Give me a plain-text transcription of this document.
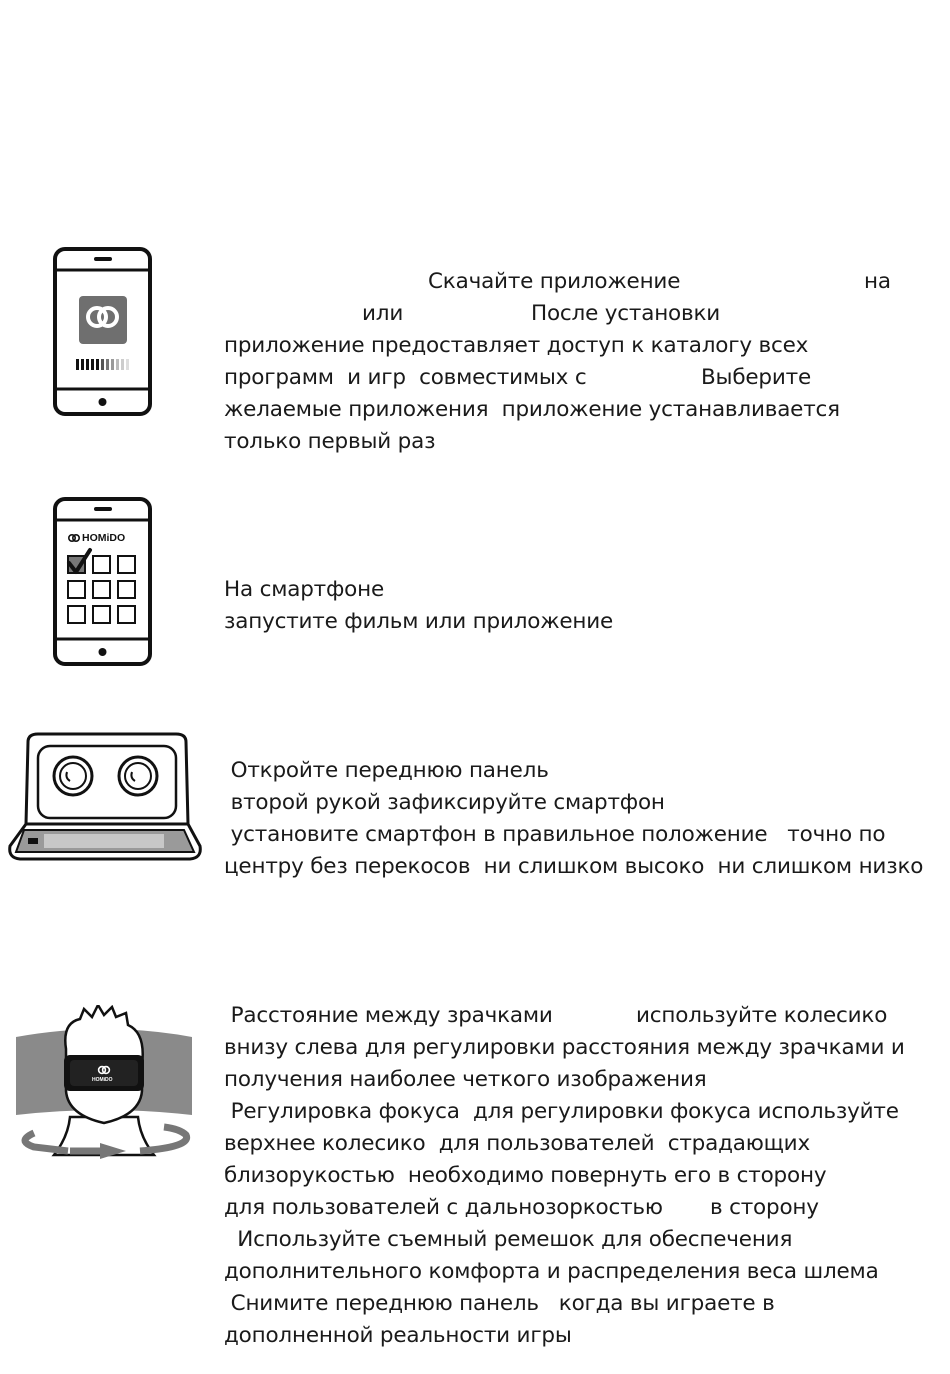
Скачайте приложение	на
или	После установки
приложение предоставляет доступ к каталогу всех
программ  и игр  совместимых с	Выберите
желаемые приложения  приложение устанавливается
только первый раз
HOMiDO
На смартфоне
запустите фильм или приложение
Откройте переднюю панель
второй рукой зафиксируйте смартфон
установите смартфон в правильное положение   точно по
центру без перекосов  ни слишком высоко  ни слишком низко
HOMiDO
Расстояние между зрачками	используйте колесико
внизу слева для регулировки расстояния между зрачками и
получения наиболее четкого изображения
Регулировка фокуса  для регулировки фокуса используйте
верхнее колесико  для пользователей  страдающих
близорукостью  необходимо повернуть его в сторону
для пользователей с дальнозоркостью в сторону
Используйте съемный ремешок для обеспечения
дополнительного комфорта и распределения веса шлема
Снимите переднюю панель   когда вы играете в
дополненной реальности игры
